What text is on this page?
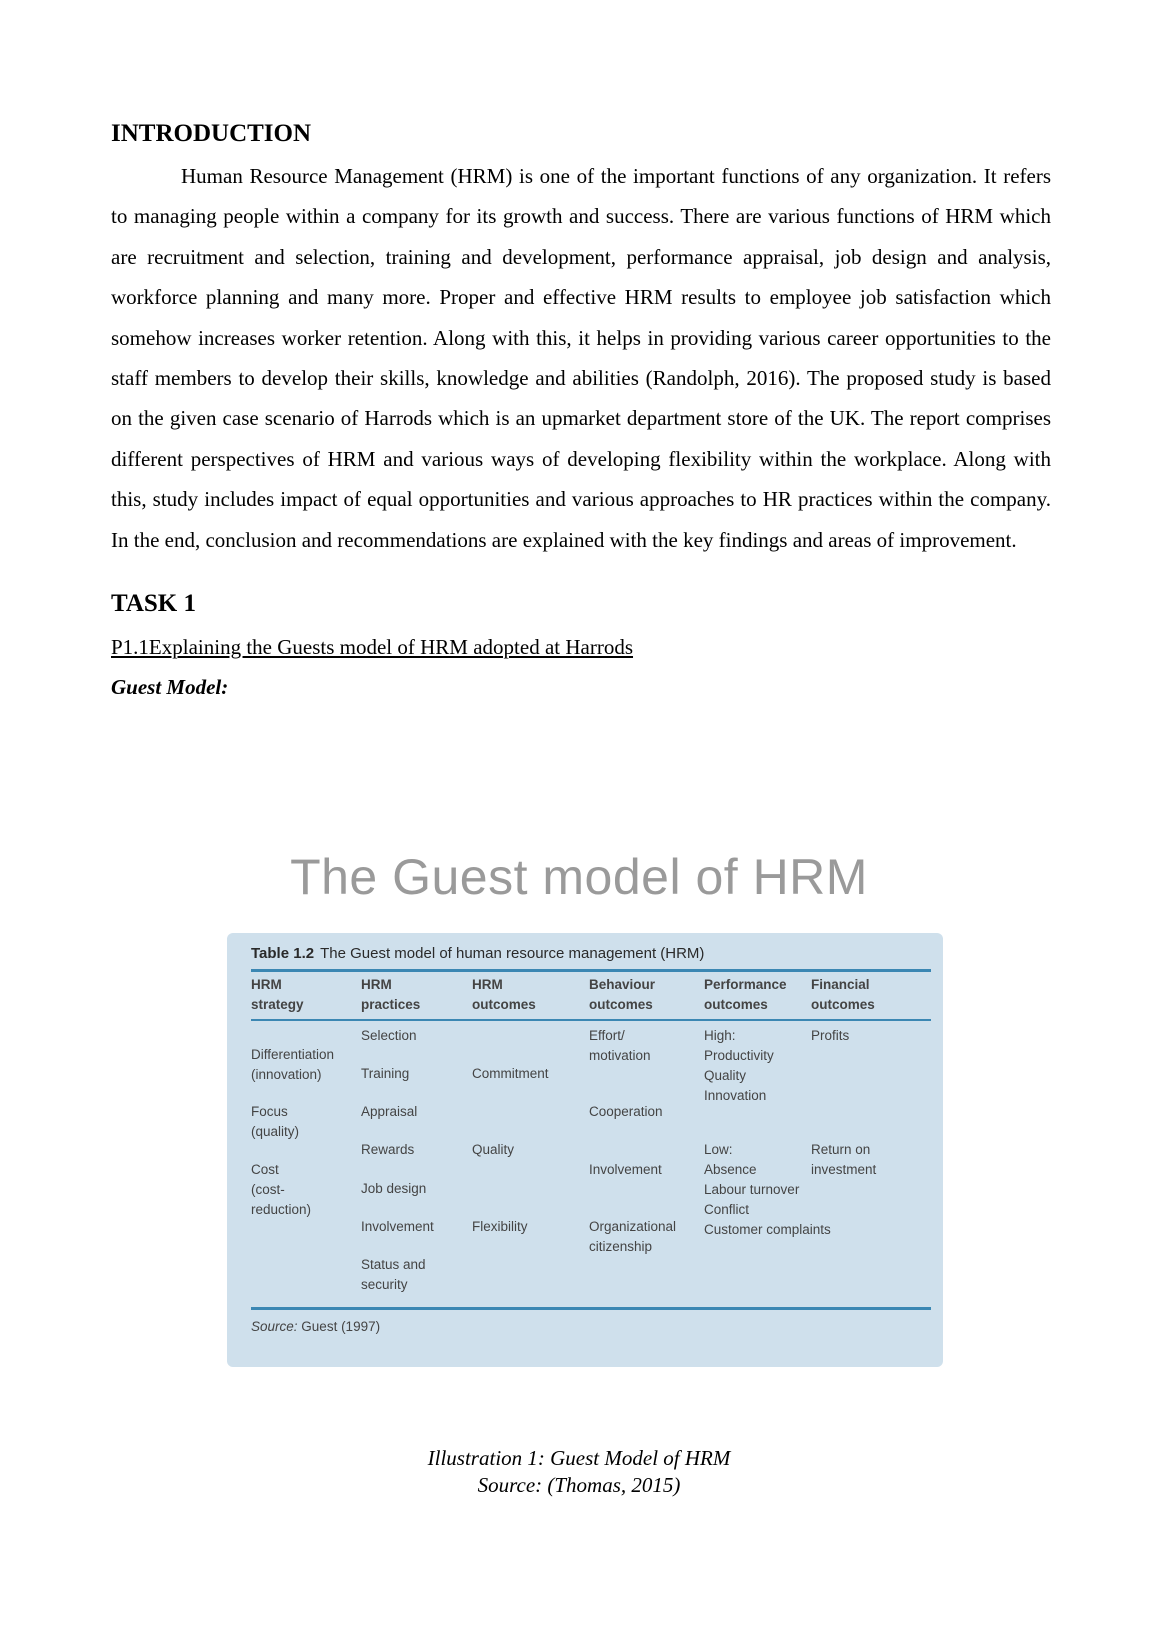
INTRODUCTION

Human Resource Management (HRM) is one of the important functions of any organization. It refers to managing people within a company for its growth and success. There are various functions of HRM which are recruitment and selection, training and development, performance appraisal, job design and analysis, workforce planning and many more. Proper and effective HRM results to employee job satisfaction which somehow increases worker retention. Along with this, it helps in providing various career opportunities to the staff members to develop their skills, knowledge and abilities (Randolph, 2016). The proposed study is based on the given case scenario of Harrods which is an upmarket department store of the UK. The report comprises different perspectives of HRM and various ways of developing flexibility within the workplace. Along with this, study includes impact of equal opportunities and various approaches to HR practices within the company. In the end, conclusion and recommendations are explained with the key findings and areas of improvement.

TASK 1

P1.1Explaining the Guests model of HRM adopted at Harrods

Guest Model:

The Guest model of HRM
Table 1.2 The Guest model of human resource management (HRM)
HRM
strategy
HRM
practices
HRM
outcomes
Behaviour
outcomes
Performance
outcomes
Financial
outcomes
Differentiation
(innovation)
Focus
(quality)
Cost
(cost-
reduction)
Selection
Training
Appraisal
Rewards
Job design
Involvement
Status and
security
Commitment
Quality
Flexibility
Effort/
motivation
Cooperation
Involvement
Organizational
citizenship
High:
Productivity
Quality
Innovation
Low:
Absence
Labour turnover
Conflict
Customer complaints
Profits
Return on
investment
Source: Guest (1997)
Illustration 1: Guest Model of HRM
Source: (Thomas, 2015)
